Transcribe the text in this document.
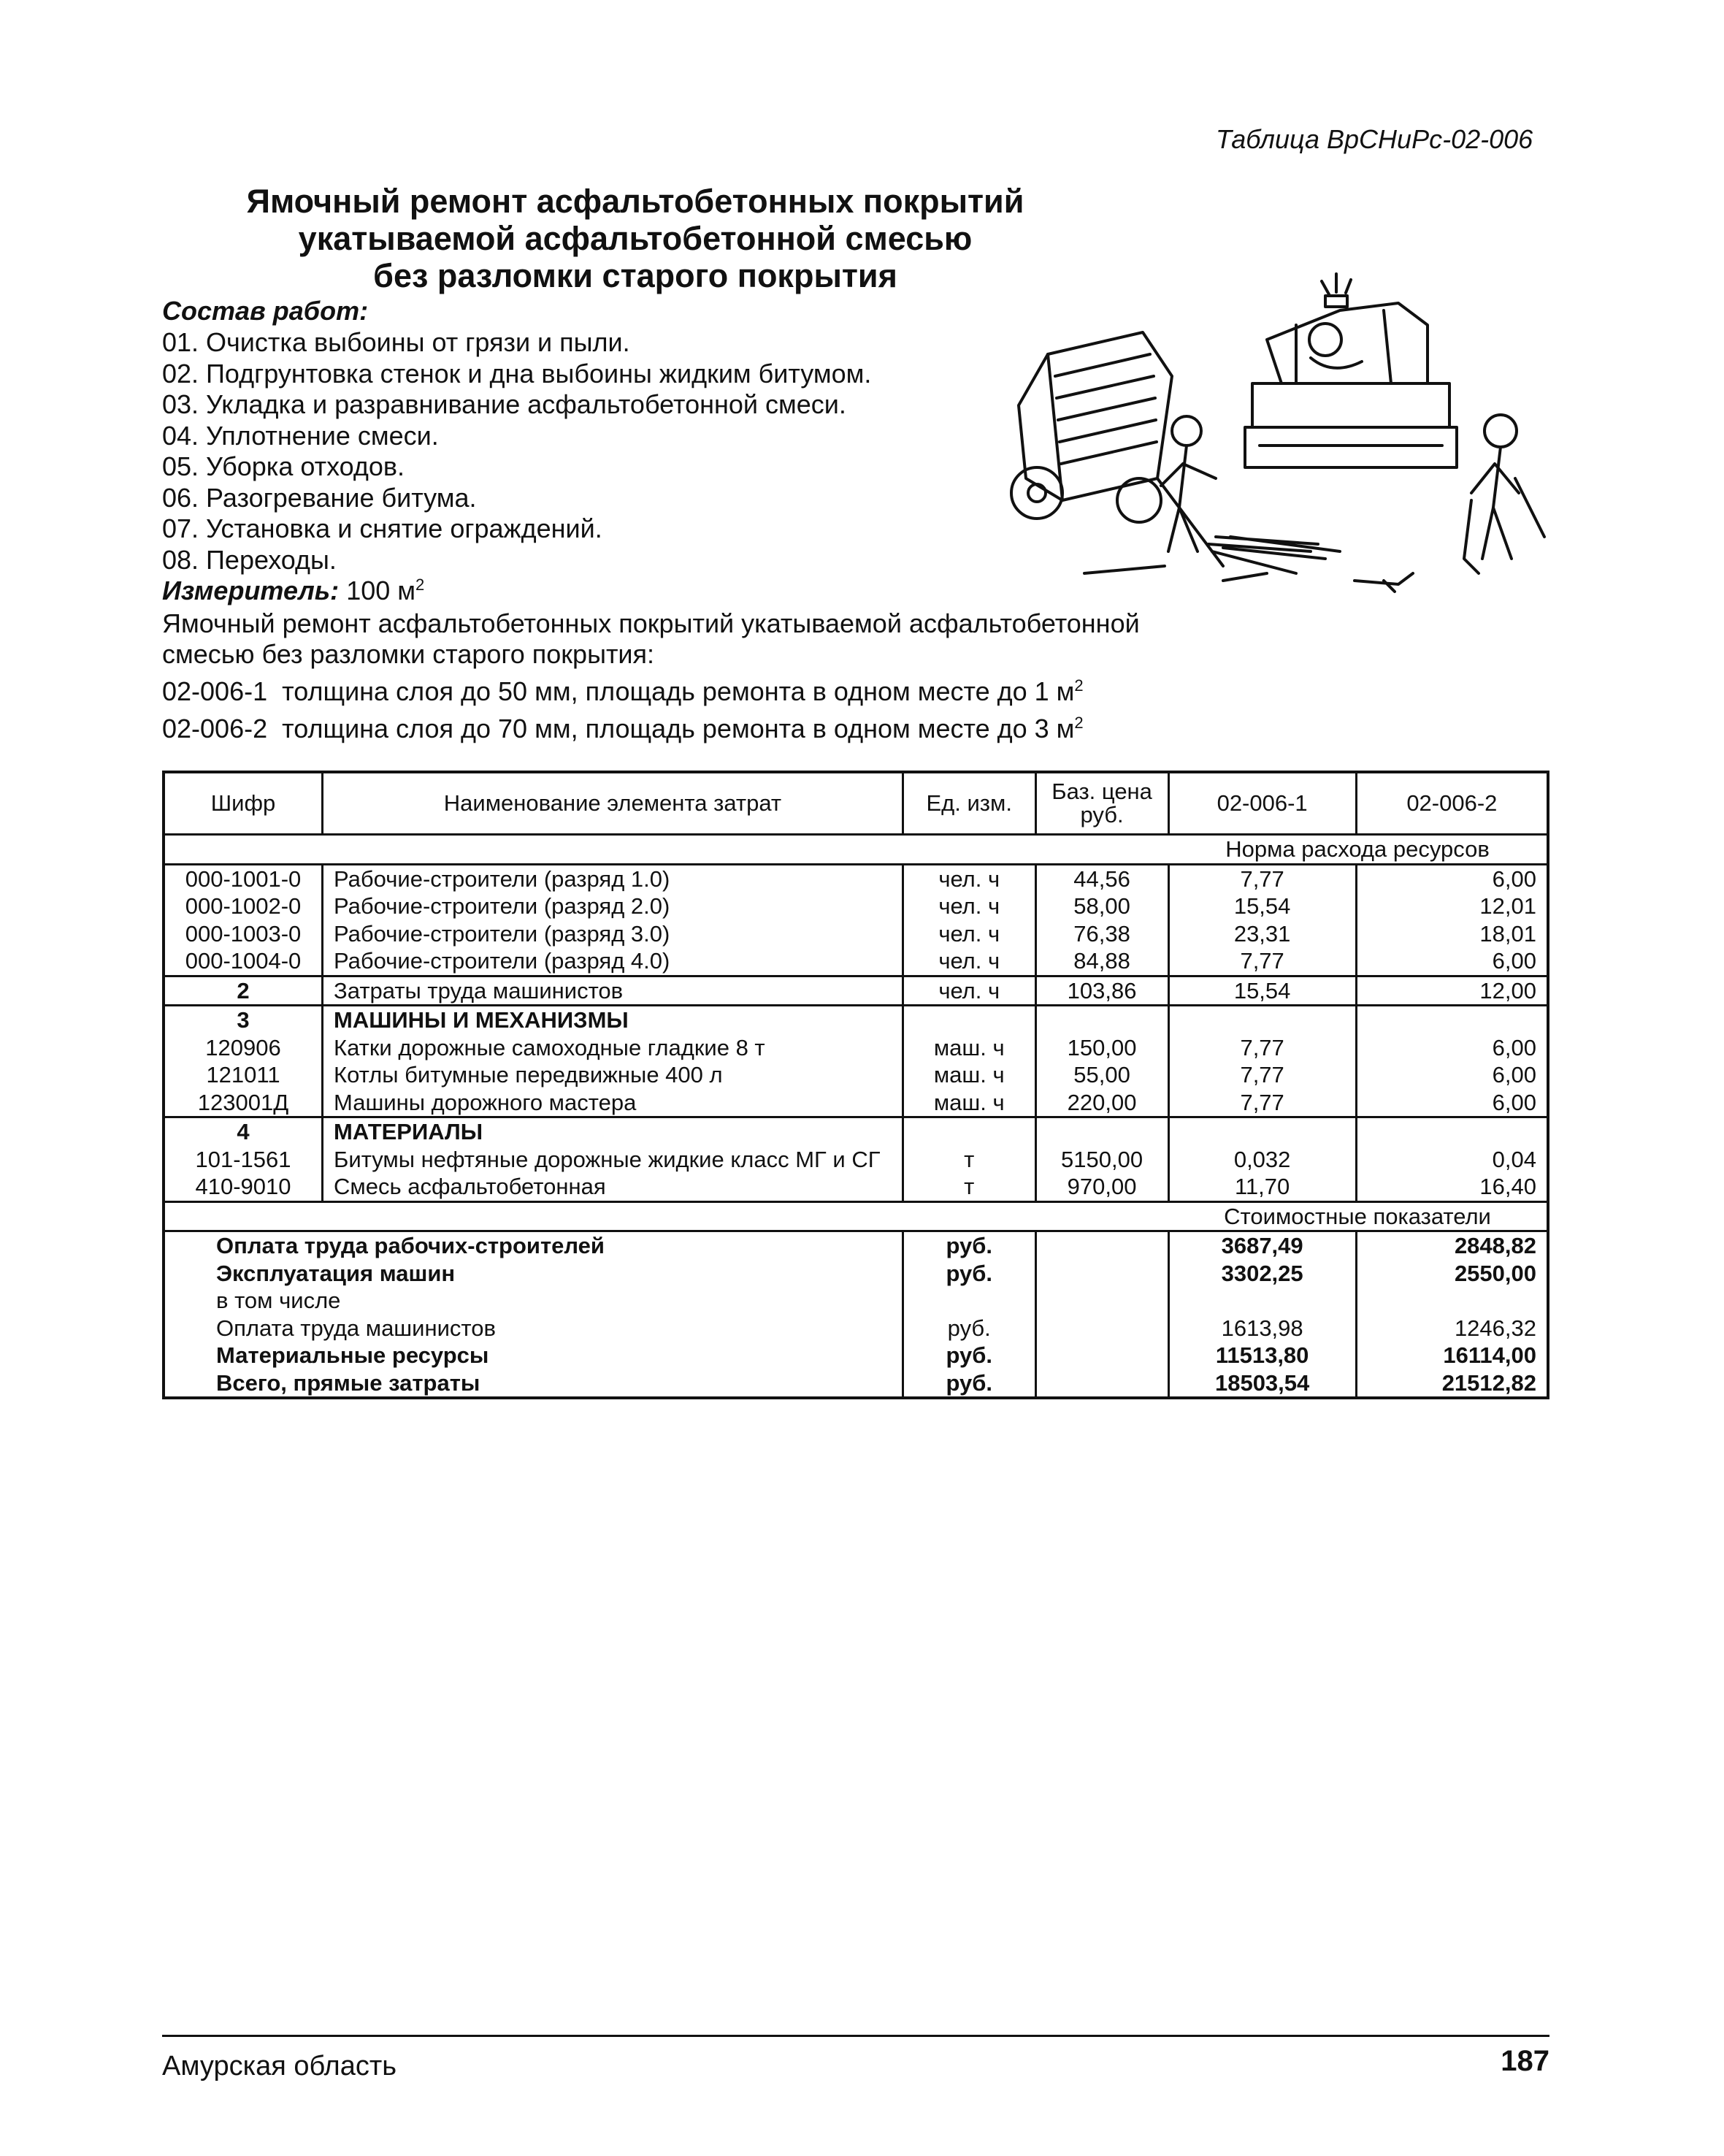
Таблица ВрСНиРс-02-006
Ямочный ремонт асфальтобетонных покрытий
укатываемой асфальтобетонной смесью
без разломки старого покрытия
Состав работ:
01. Очистка выбоины от грязи и пыли.
02. Подгрунтовка стенок и дна выбоины жидким битумом.
03. Укладка и разравнивание асфальтобетонной смеси.
04. Уплотнение смеси.
05. Уборка отходов.
06. Разогревание битума.
07. Установка и снятие ограждений.
08. Переходы.
Измеритель: 100 $м^2$
Ямочный ремонт асфальтобетонных покрытий укатываемой асфальтобетонной смесью без разломки старого покрытия:
02-006-1 толщина слоя до 50 мм, площадь ремонта в одном месте до 1 $м^2$
02-006-2 толщина слоя до 70 мм, площадь ремонта в одном месте до 3 $м^2$
Шифр	Наименование элемента затрат	Ед. изм.	Баз. цена руб.	02-006-1	02-006-2
				Норма расхода ресурсов	
000-1001-0	Рабочие-строители (разряд 1.0)	чел. ч	44,56	7,77	6,00
000-1002-0	Рабочие-строители (разряд 2.0)	чел. ч	58,00	15,54	12,01
000-1003-0	Рабочие-строители (разряд 3.0)	чел. ч	76,38	23,31	18,01
000-1004-0	Рабочие-строители (разряд 4.0)	чел. ч	84,88	7,77	6,00
2	Затраты труда машинистов	чел. ч	103,86	15,54	12,00
3	МАШИНЫ И МЕХАНИЗМЫ				
120906	Катки дорожные самоходные гладкие 8 т	маш. ч	150,00	7,77	6,00
121011	Котлы битумные передвижные 400 л	маш. ч	55,00	7,77	6,00
123001Д	Машины дорожного мастера	маш. ч	220,00	7,77	6,00
4	МАТЕРИАЛЫ				
101-1561	Битумы нефтяные дорожные жидкие класс МГ и СГ	т	5150,00	0,032	0,04
410-9010	Смесь асфальтобетонная	т	970,00	11,70	16,40
				Стоимостные показатели	
Оплата труда рабочих-строителей		руб.		3687,49	2848,82
Эксплуатация машин		руб.		3302,25	2550,00
в том числе					
Оплата труда машинистов		руб.		1613,98	1246,32
Материальные ресурсы		руб.		11513,80	16114,00
Всего, прямые затраты		руб.		18503,54	21512,82
Амурская область	187
